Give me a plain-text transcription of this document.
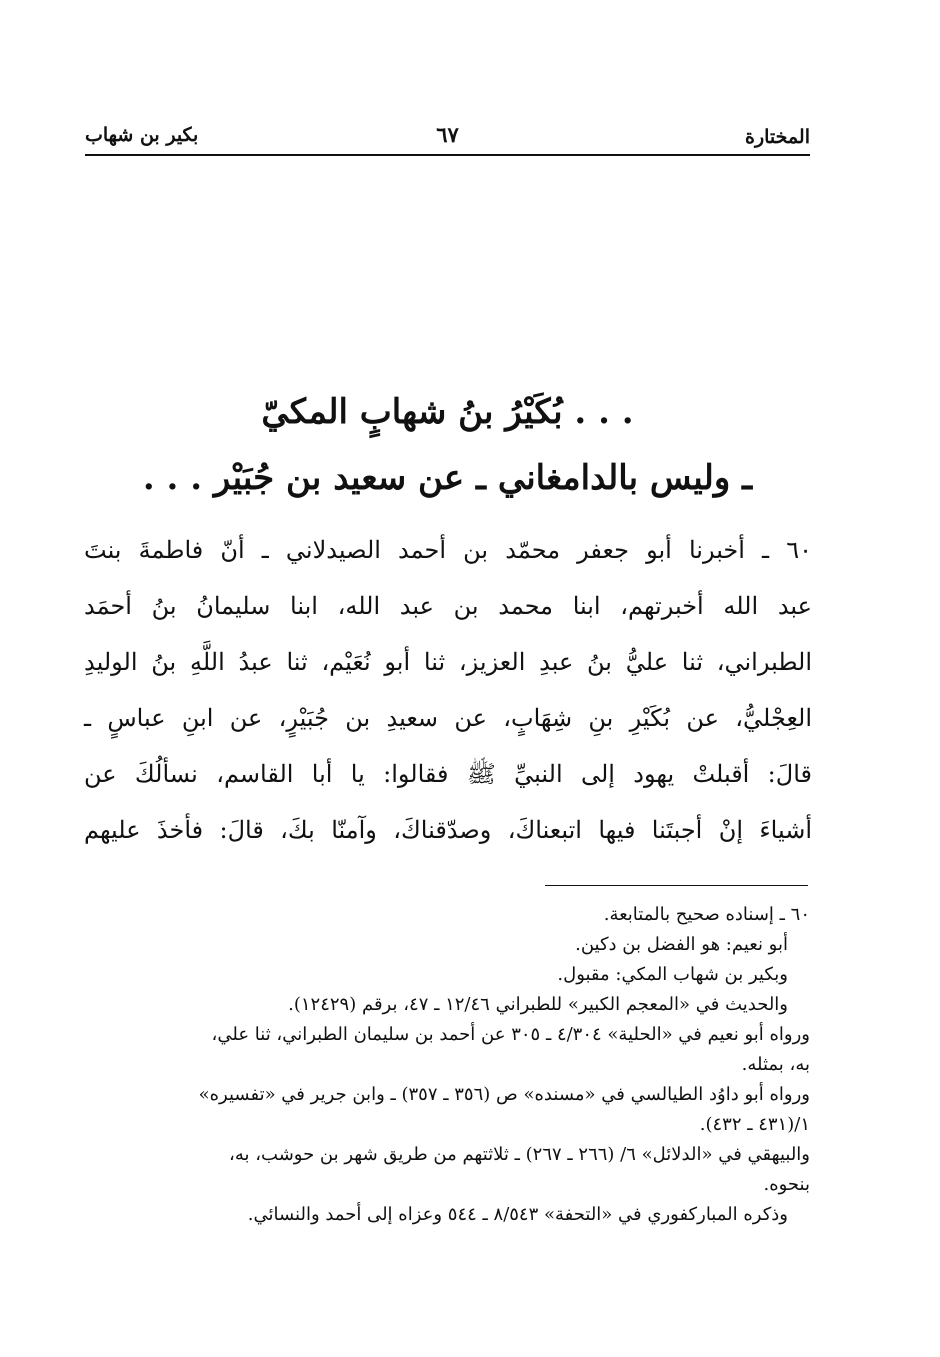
المختارة
٦٧
بكير بن شهاب
. . . بُكَيْرُ بنُ شهابٍ المكيّ
ـ وليس بالدامغاني ـ عن سعيد بن جُبَيْر . . .
٦٠ ـ أخبرنا أبو جعفر محمّد بن أحمد الصيدلاني ـ أنّ فاطمةَ بنتَ
عبد الله أخبرتهم، ابنا محمد بن عبد الله، ابنا سليمانُ بنُ أحمَد
الطبراني، ثنا عليُّ بنُ عبدِ العزيز، ثنا أبو نُعَيْم، ثنا عبدُ اللَّهِ بنُ الوليدِ
العِجْليُّ، عن بُكَيْرِ بنِ شِهَابٍ، عن سعيدِ بن جُبَيْرٍ، عن ابنِ عباسٍ ـ
قالَ: أقبلتْ يهود إلى النبيِّ ﷺ فقالوا: يا أبا القاسم، نسألُكَ عن
أشياءَ إنْ أجبتَنا فيها اتبعناكَ، وصدّقناكَ، وآمنّا بكَ، قالَ: فأخذَ عليهم
٦٠ ـ إسناده صحيح بالمتابعة.
أبو نعيم: هو الفضل بن دكين.
وبكير بن شهاب المكي: مقبول.
والحديث في «المعجم الكبير» للطبراني ١٢/٤٦ ـ ٤٧، برقم (١٢٤٢٩).
ورواه أبو نعيم في «الحلية» ٤/٣٠٤ ـ ٣٠٥ عن أحمد بن سليمان الطبراني، ثنا علي،
به، بمثله.
ورواه أبو داوُد الطيالسي في «مسنده» ص (٣٥٦ ـ ٣٥٧) ـ وابن جرير في «تفسيره»
١/(٤٣١ ـ ٤٣٢).
والبيهقي في «الدلائل» ٦/ (٢٦٦ ـ ٢٦٧) ـ ثلاثتهم من طريق شهر بن حوشب، به،
بنحوه.
وذكره المباركفوري في «التحفة» ٨/٥٤٣ ـ ٥٤٤ وعزاه إلى أحمد والنسائي.
